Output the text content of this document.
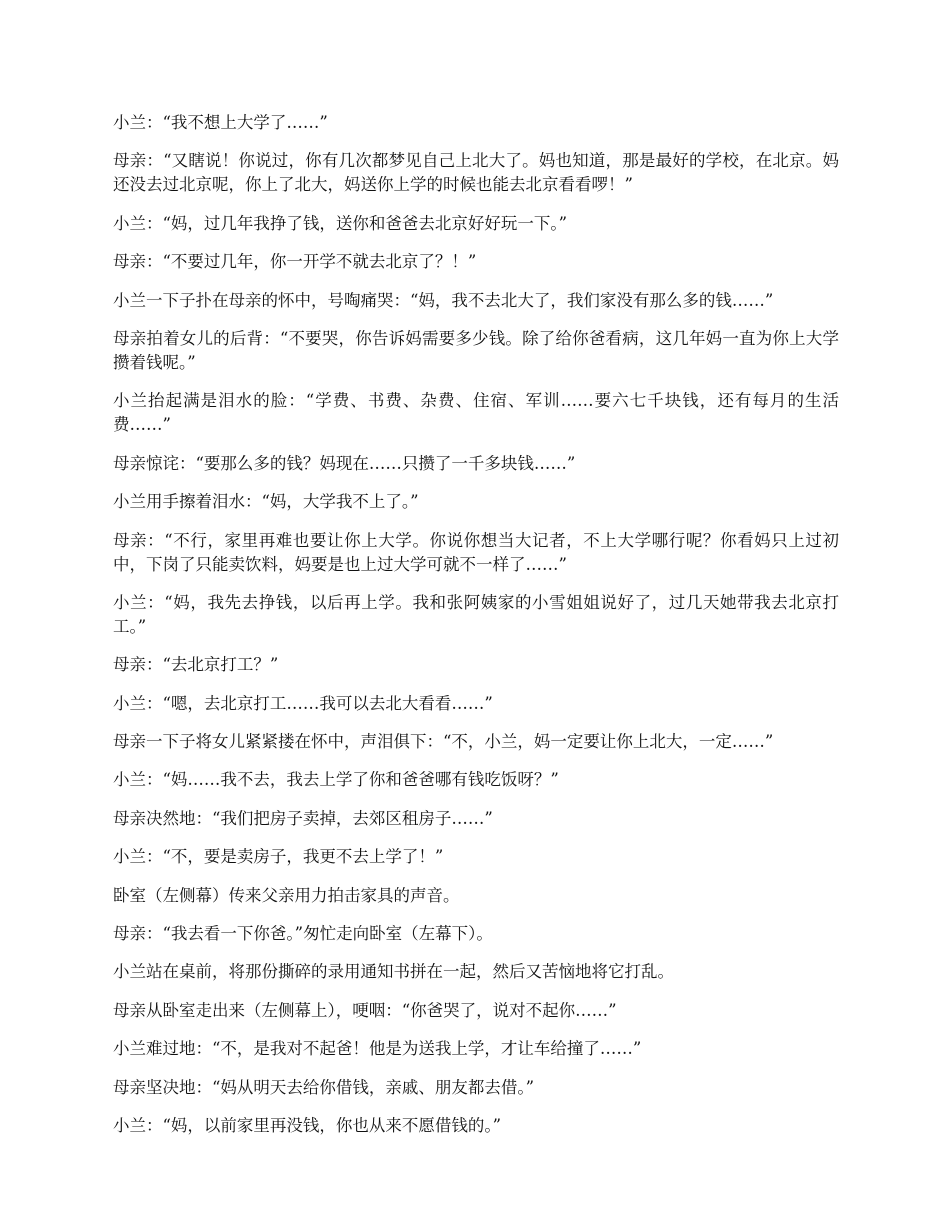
小兰：“我不想上大学了……”

母亲：“又瞎说！你说过，你有几次都梦见自己上北大了。妈也知道，那是最好的学校，在北京。妈还没去过北京呢，你上了北大，妈送你上学的时候也能去北京看看啰！”

小兰：“妈，过几年我挣了钱，送你和爸爸去北京好好玩一下。”

母亲：“不要过几年，你一开学不就去北京了？！”

小兰一下子扑在母亲的怀中，号啕痛哭：“妈，我不去北大了，我们家没有那么多的钱……”

母亲拍着女儿的后背：“不要哭，你告诉妈需要多少钱。除了给你爸看病，这几年妈一直为你上大学攒着钱呢。”

小兰抬起满是泪水的脸：“学费、书费、杂费、住宿、军训……要六七千块钱，还有每月的生活费……”

母亲惊诧：“要那么多的钱？妈现在……只攒了一千多块钱……”

小兰用手擦着泪水：“妈，大学我不上了。”

母亲：“不行，家里再难也要让你上大学。你说你想当大记者，不上大学哪行呢？你看妈只上过初中，下岗了只能卖饮料，妈要是也上过大学可就不一样了……”

小兰：“妈，我先去挣钱，以后再上学。我和张阿姨家的小雪姐姐说好了，过几天她带我去北京打工。”

母亲：“去北京打工？”

小兰：“嗯，去北京打工……我可以去北大看看……”

母亲一下子将女儿紧紧搂在怀中，声泪俱下：“不，小兰，妈一定要让你上北大，一定……”

小兰：“妈……我不去，我去上学了你和爸爸哪有钱吃饭呀？”

母亲决然地：“我们把房子卖掉，去郊区租房子……”

小兰：“不，要是卖房子，我更不去上学了！”

卧室（左侧幕）传来父亲用力拍击家具的声音。

母亲：“我去看一下你爸。”匆忙走向卧室（左幕下）。

小兰站在桌前，将那份撕碎的录用通知书拼在一起，然后又苦恼地将它打乱。

母亲从卧室走出来（左侧幕上），哽咽：“你爸哭了，说对不起你……”

小兰难过地：“不，是我对不起爸！他是为送我上学，才让车给撞了……”

母亲坚决地：“妈从明天去给你借钱，亲戚、朋友都去借。”

小兰：“妈，以前家里再没钱，你也从来不愿借钱的。”
